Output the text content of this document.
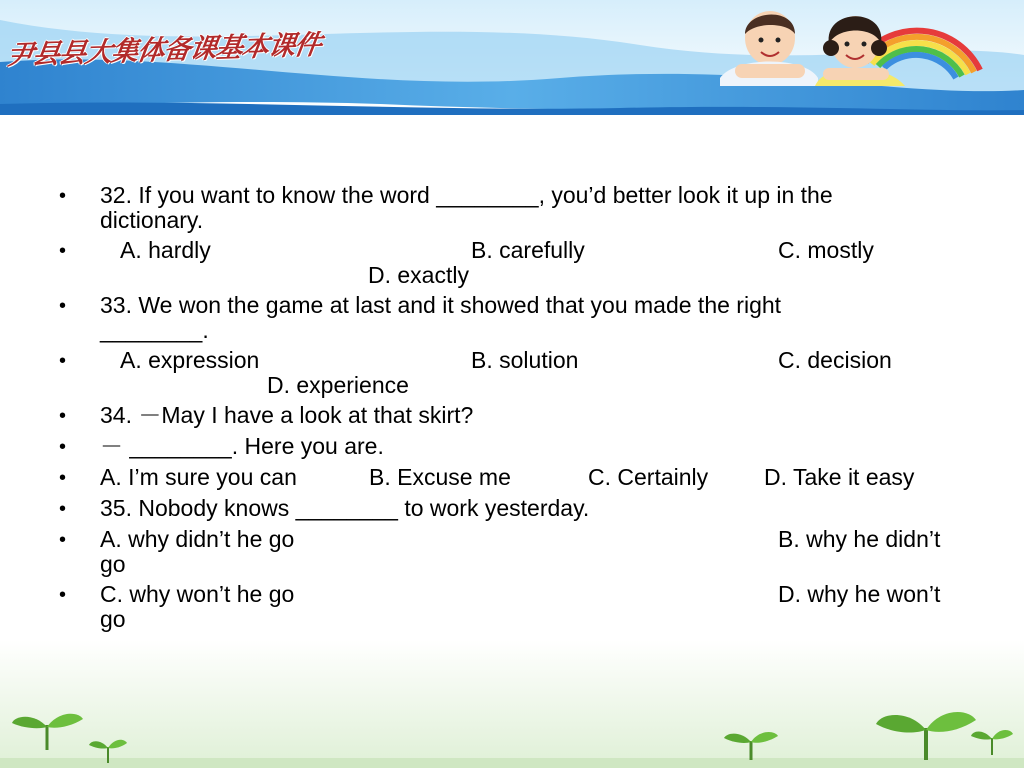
尹县县大集体备课基本课件
• 32. If you want to know the word ________, you’d better look it up in the
dictionary.
• A. hardly	B. carefully	C. mostly
D. exactly
• 33. We won the game at last and it showed that you made the right
________.
• A. expression	B. solution	C. decision
D. experience
• 34. －May I have a look at that skirt?
• － ________. Here you are.
• A. I’m sure you can	B. Excuse me	C. Certainly D. Take it easy
• 35. Nobody knows ________ to work yesterday.
• A. why didn’t he go	B. why he didn’t
go
• C. why won’t he go	D. why he won’t
go
